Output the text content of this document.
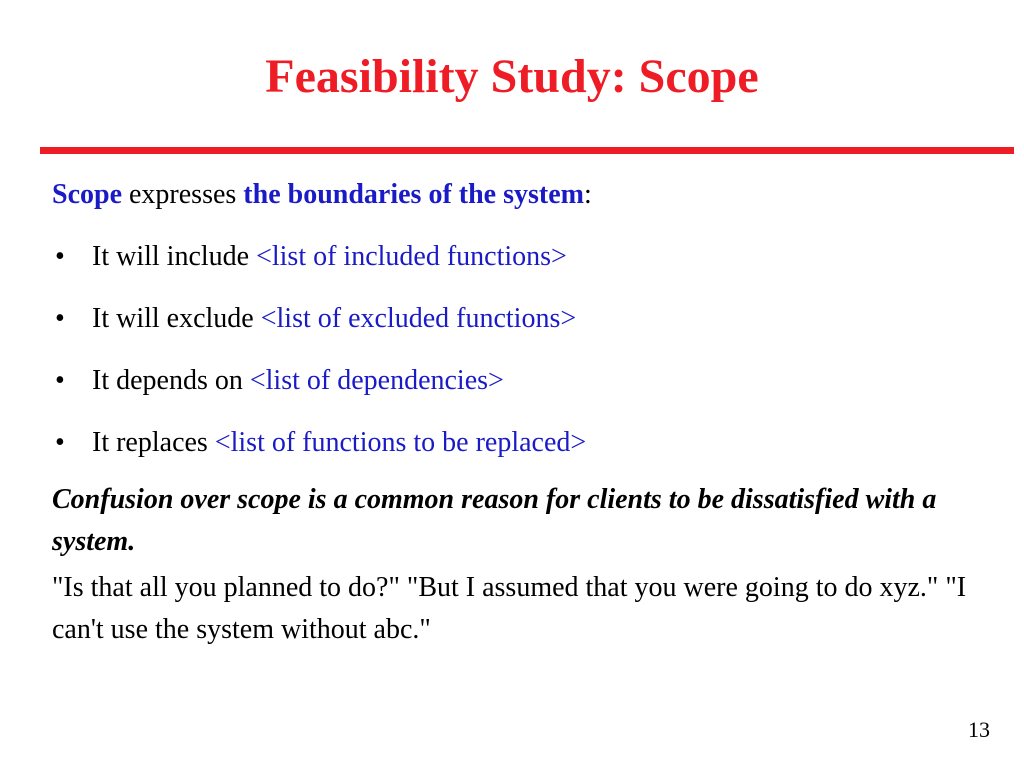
Feasibility Study: Scope

Scope expresses the boundaries of the system:

• It will include <list of included functions>
• It will exclude <list of excluded functions>
• It depends on <list of dependencies>
• It replaces <list of functions to be replaced>

Confusion over scope is a common reason for clients to be dissatisfied with a system.

"Is that all you planned to do?" "But I assumed that you were going to do xyz." "I can't use the system without abc."

13
